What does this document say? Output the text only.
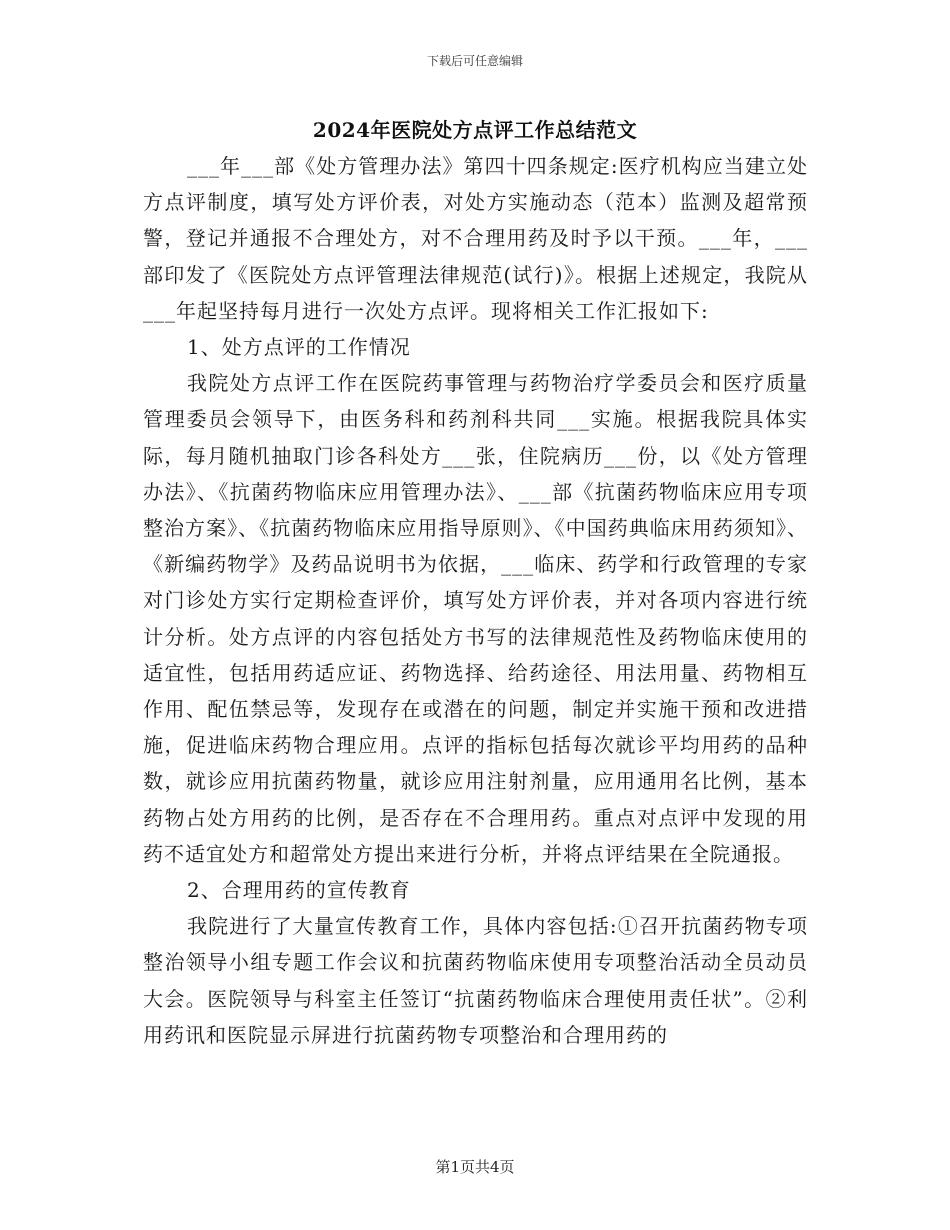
下载后可任意编辑
2024年医院处方点评工作总结范文

___年___部《处方管理办法》第四十四条规定:医疗机构应当建立处方点评制度，填写处方评价表，对处方实施动态（范本）监测及超常预警，登记并通报不合理处方，对不合理用药及时予以干预。___年，___部印发了《医院处方点评管理法律规范(试行)》。根据上述规定，我院从___年起坚持每月进行一次处方点评。现将相关工作汇报如下:

1、处方点评的工作情况

我院处方点评工作在医院药事管理与药物治疗学委员会和医疗质量管理委员会领导下，由医务科和药剂科共同___实施。根据我院具体实际，每月随机抽取门诊各科处方___张，住院病历___份，以《处方管理办法》、《抗菌药物临床应用管理办法》、___部《抗菌药物临床应用专项整治方案》、《抗菌药物临床应用指导原则》、《中国药典临床用药须知》、《新编药物学》及药品说明书为依据，___临床、药学和行政管理的专家对门诊处方实行定期检查评价，填写处方评价表，并对各项内容进行统计分析。处方点评的内容包括处方书写的法律规范性及药物临床使用的适宜性，包括用药适应证、药物选择、给药途径、用法用量、药物相互作用、配伍禁忌等，发现存在或潜在的问题，制定并实施干预和改进措施，促进临床药物合理应用。点评的指标包括每次就诊平均用药的品种数，就诊应用抗菌药物量，就诊应用注射剂量，应用通用名比例，基本药物占处方用药的比例，是否存在不合理用药。重点对点评中发现的用药不适宜处方和超常处方提出来进行分析，并将点评结果在全院通报。

2、合理用药的宣传教育

我院进行了大量宣传教育工作，具体内容包括:①召开抗菌药物专项整治领导小组专题工作会议和抗菌药物临床使用专项整治活动全员动员大会。医院领导与科室主任签订“抗菌药物临床合理使用责任状”。②利用药讯和医院显示屏进行抗菌药物专项整治和合理用药的

第1页共4页
